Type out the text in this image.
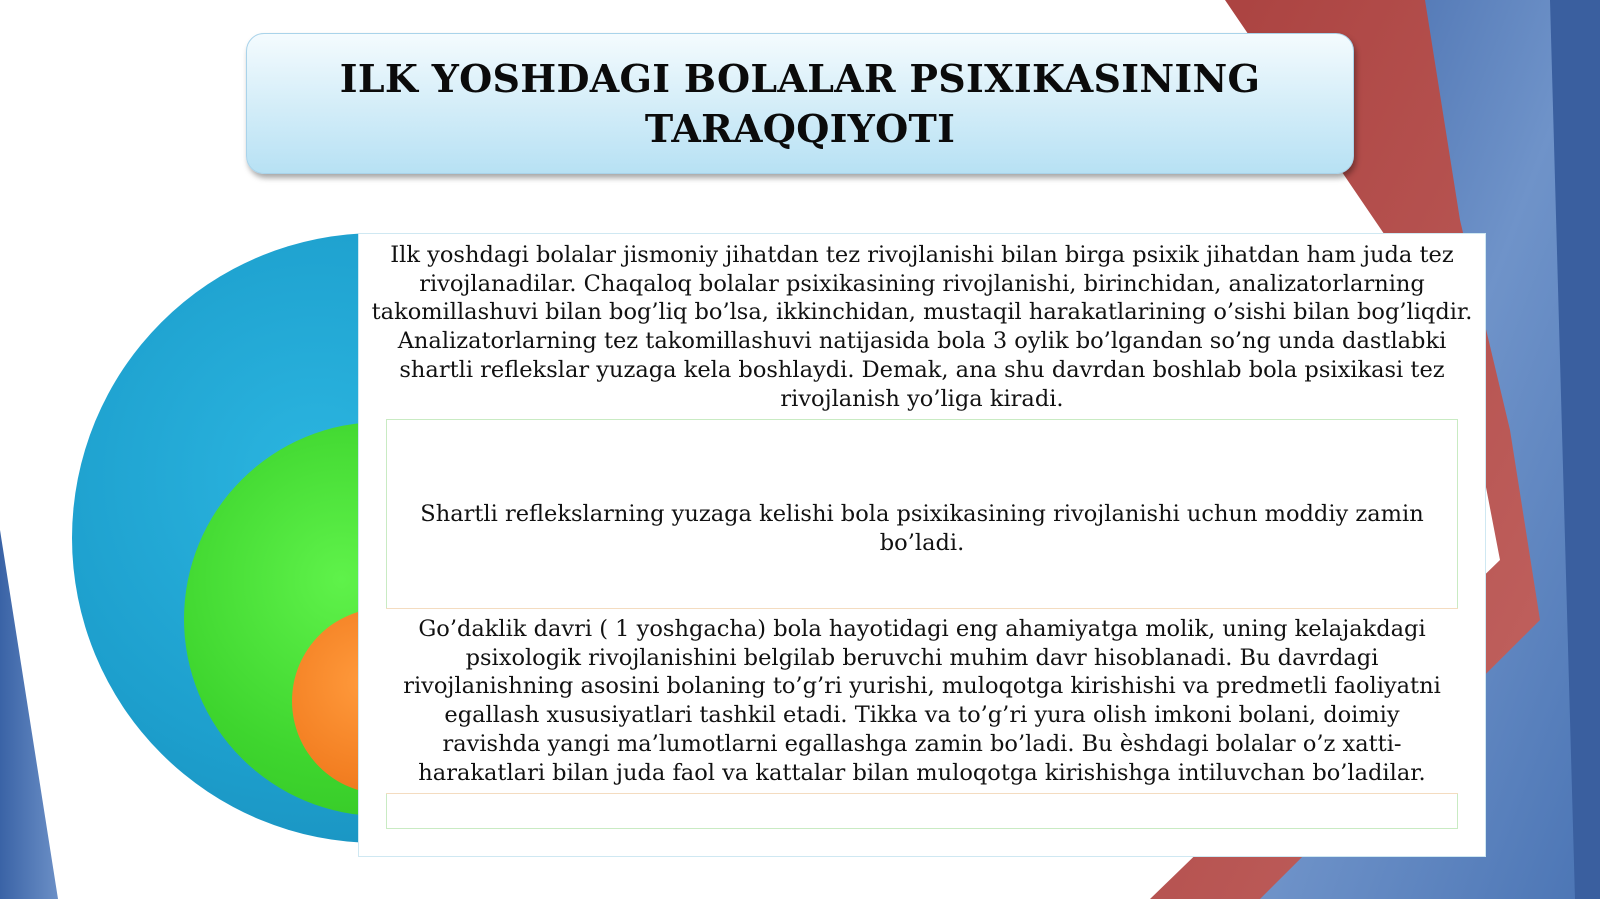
ILK YOSHDAGI BOLALAR PSIXIKASINING TARAQQIYOTI

Ilk yoshdagi bolalar jismoniy jihatdan tez rivojlanishi bilan birga psixik jihatdan ham juda tez rivojlanadilar. Chaqaloq bolalar psixikasining rivojlanishi, birinchidan, analizatorlarning takomillashuvi bilan bog’liq bo’lsa, ikkinchidan, mustaqil harakatlarining o’sishi bilan bog’liqdir. Analizatorlarning tez takomillashuvi natijasida bola 3 oylik bo’lgandan so’ng unda dastlabki shartli reflekslar yuzaga kela boshlaydi. Demak, ana shu davrdan boshlab bola psixikasi tez rivojlanish yo’liga kiradi.

Shartli reflekslarning yuzaga kelishi bola psixikasining rivojlanishi uchun moddiy zamin bo’ladi.

Go’daklik davri ( 1 yoshgacha) bola hayotidagi eng ahamiyatga molik, uning kelajakdagi psixologik rivojlanishini belgilab beruvchi muhim davr hisoblanadi. Bu davrdagi rivojlanishning asosini bolaning to’g’ri yurishi, muloqotga kirishishi va predmetli faoliyatni egallash xususiyatlari tashkil etadi. Tikka va to’g’ri yura olish imkoni bolani, doimiy ravishda yangi ma’lumotlarni egallashga zamin bo’ladi. Bu èshdagi bolalar o’z xatti-harakatlari bilan juda faol va kattalar bilan muloqotga kirishishga intiluvchan bo’ladilar.
